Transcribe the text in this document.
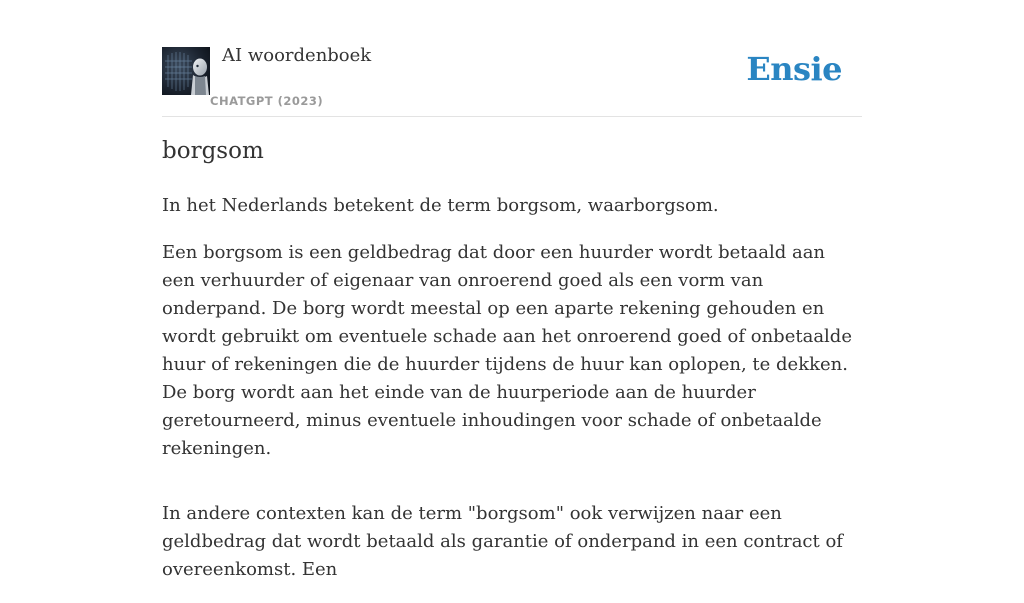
AI woordenboek
CHATGPT (2023)
Ensie
borgsom

In het Nederlands betekent de term borgsom, waarborgsom.

Een borgsom is een geldbedrag dat door een huurder wordt betaald aan een verhuurder of eigenaar van onroerend goed als een vorm van onderpand. De borg wordt meestal op een aparte rekening gehouden en wordt gebruikt om eventuele schade aan het onroerend goed of onbetaalde huur of rekeningen die de huurder tijdens de huur kan oplopen, te dekken. De borg wordt aan het einde van de huurperiode aan de huurder geretourneerd, minus eventuele inhoudingen voor schade of onbetaalde rekeningen.

In andere contexten kan de term "borgsom" ook verwijzen naar een geldbedrag dat wordt betaald als garantie of onderpand in een contract of overeenkomst. Een
